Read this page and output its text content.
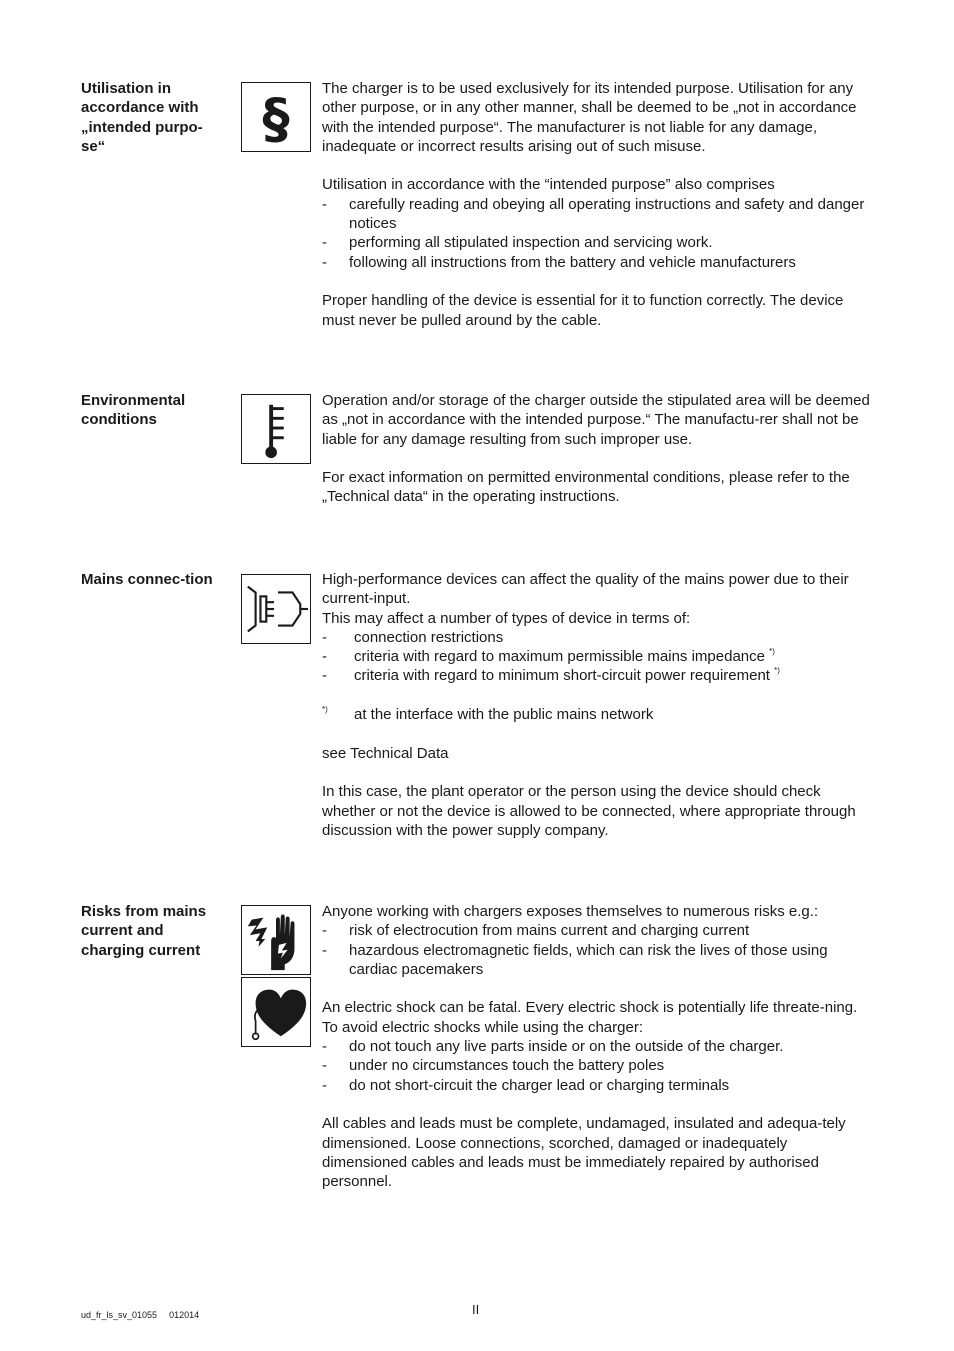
Utilisation in accordance with „intended purpo-se“	§ The charger is to be used exclusively for its intended purpose. Utilisation for any other purpose, or in any other manner, shall be deemed to be „not in accordance with the intended purpose“. The manufacturer is not liable for any damage, inadequate or incorrect results arising out of such misuse.

Utilisation in accordance with the “intended purpose” also comprises

-	carefully reading and obeying all operating instructions and safety and danger notices
-	performing all stipulated inspection and servicing work.
-	following all instructions from the battery and vehicle manufacturers

Proper handling of the device is essential for it to function correctly. The device must never be pulled around by the cable.

Environmental conditions

Operation and/or storage of the charger outside the stipulated area will be deemed as „not in accordance with the intended purpose.“ The manufactu-rer shall not be liable for any damage resulting from such improper use.

For exact information on permitted environmental conditions, please refer to the „Technical data“ in the operating instructions.

Mains connec-tion	High-performance devices can affect the quality of the mains power due to their current-input.

This may affect a number of types of device in terms of:

-	connection restrictions
-	criteria with regard to maximum permissible mains impedance *)
-	criteria with regard to minimum short-circuit power requirement *)
*)	at the interface with the public mains network

see Technical Data

In this case, the plant operator or the person using the device should check whether or not the device is allowed to be connected, where appropriate through discussion with the power supply company.

Risks from mains current and charging current

Anyone working with chargers exposes themselves to numerous risks e.g.:

-	risk of electrocution from mains current and charging current
-	hazardous electromagnetic fields, which can risk the lives of those using cardiac pacemakers

An electric shock can be fatal. Every electric shock is potentially life threate-ning. To avoid electric shocks while using the charger:

-	do not touch any live parts inside or on the outside of the charger.
-	under no circumstances touch the battery poles
-	do not short-circuit the charger lead or charging terminals

All cables and leads must be complete, undamaged, insulated and adequa-tely dimensioned. Loose connections, scorched, damaged or inadequately dimensioned cables and leads must be immediately repaired by authorised personnel.

ud_fr_ls_sv_01055 012014	II
